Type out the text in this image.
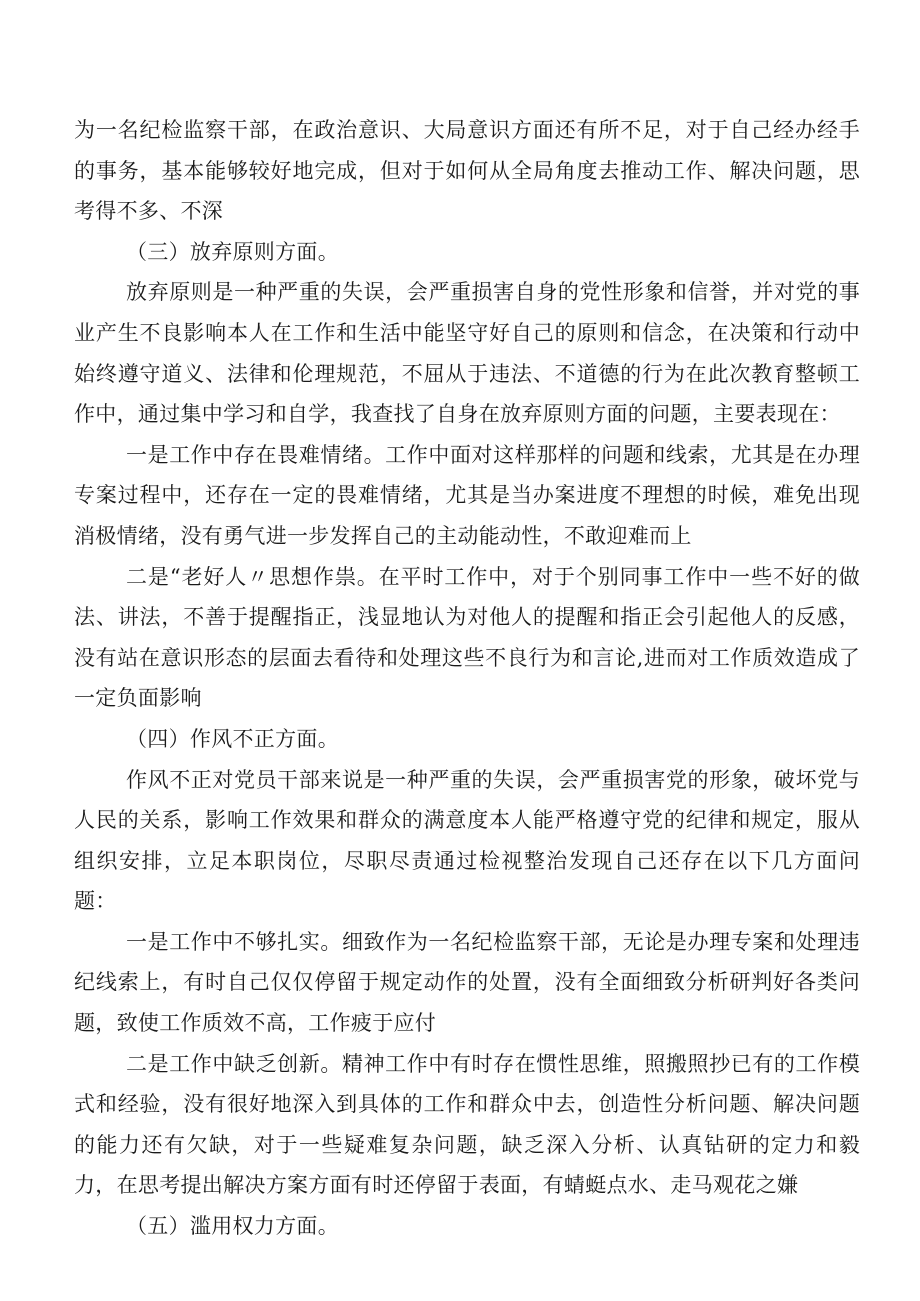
为一名纪检监察干部，在政治意识、大局意识方面还有所不足，对于自己经办经手的事务，基本能够较好地完成，但对于如何从全局角度去推动工作、解决问题，思考得不多、不深

（三）放弃原则方面。

放弃原则是一种严重的失误，会严重损害自身的党性形象和信誉，并对党的事业产生不良影响本人在工作和生活中能坚守好自己的原则和信念，在决策和行动中始终遵守道义、法律和伦理规范，不屈从于违法、不道德的行为在此次教育整顿工作中，通过集中学习和自学，我查找了自身在放弃原则方面的问题，主要表现在：

一是工作中存在畏难情绪。工作中面对这样那样的问题和线索，尤其是在办理专案过程中，还存在一定的畏难情绪，尤其是当办案进度不理想的时候，难免出现消极情绪，没有勇气进一步发挥自己的主动能动性，不敢迎难而上

二是“老好人〃思想作祟。在平时工作中，对于个别同事工作中一些不好的做法、讲法，不善于提醒指正，浅显地认为对他人的提醒和指正会引起他人的反感，没有站在意识形态的层面去看待和处理这些不良行为和言论,进而对工作质效造成了一定负面影响

（四）作风不正方面。

作风不正对党员干部来说是一种严重的失误，会严重损害党的形象，破坏党与人民的关系，影响工作效果和群众的满意度本人能严格遵守党的纪律和规定，服从组织安排，立足本职岗位，尽职尽责通过检视整治发现自己还存在以下几方面问题：

一是工作中不够扎实。细致作为一名纪检监察干部，无论是办理专案和处理违纪线索上，有时自己仅仅停留于规定动作的处置，没有全面细致分析研判好各类问题，致使工作质效不高，工作疲于应付

二是工作中缺乏创新。精神工作中有时存在惯性思维，照搬照抄已有的工作模式和经验，没有很好地深入到具体的工作和群众中去，创造性分析问题、解决问题的能力还有欠缺，对于一些疑难复杂问题，缺乏深入分析、认真钻研的定力和毅力，在思考提出解决方案方面有时还停留于表面，有蜻蜓点水、走马观花之嫌

（五）滥用权力方面。
